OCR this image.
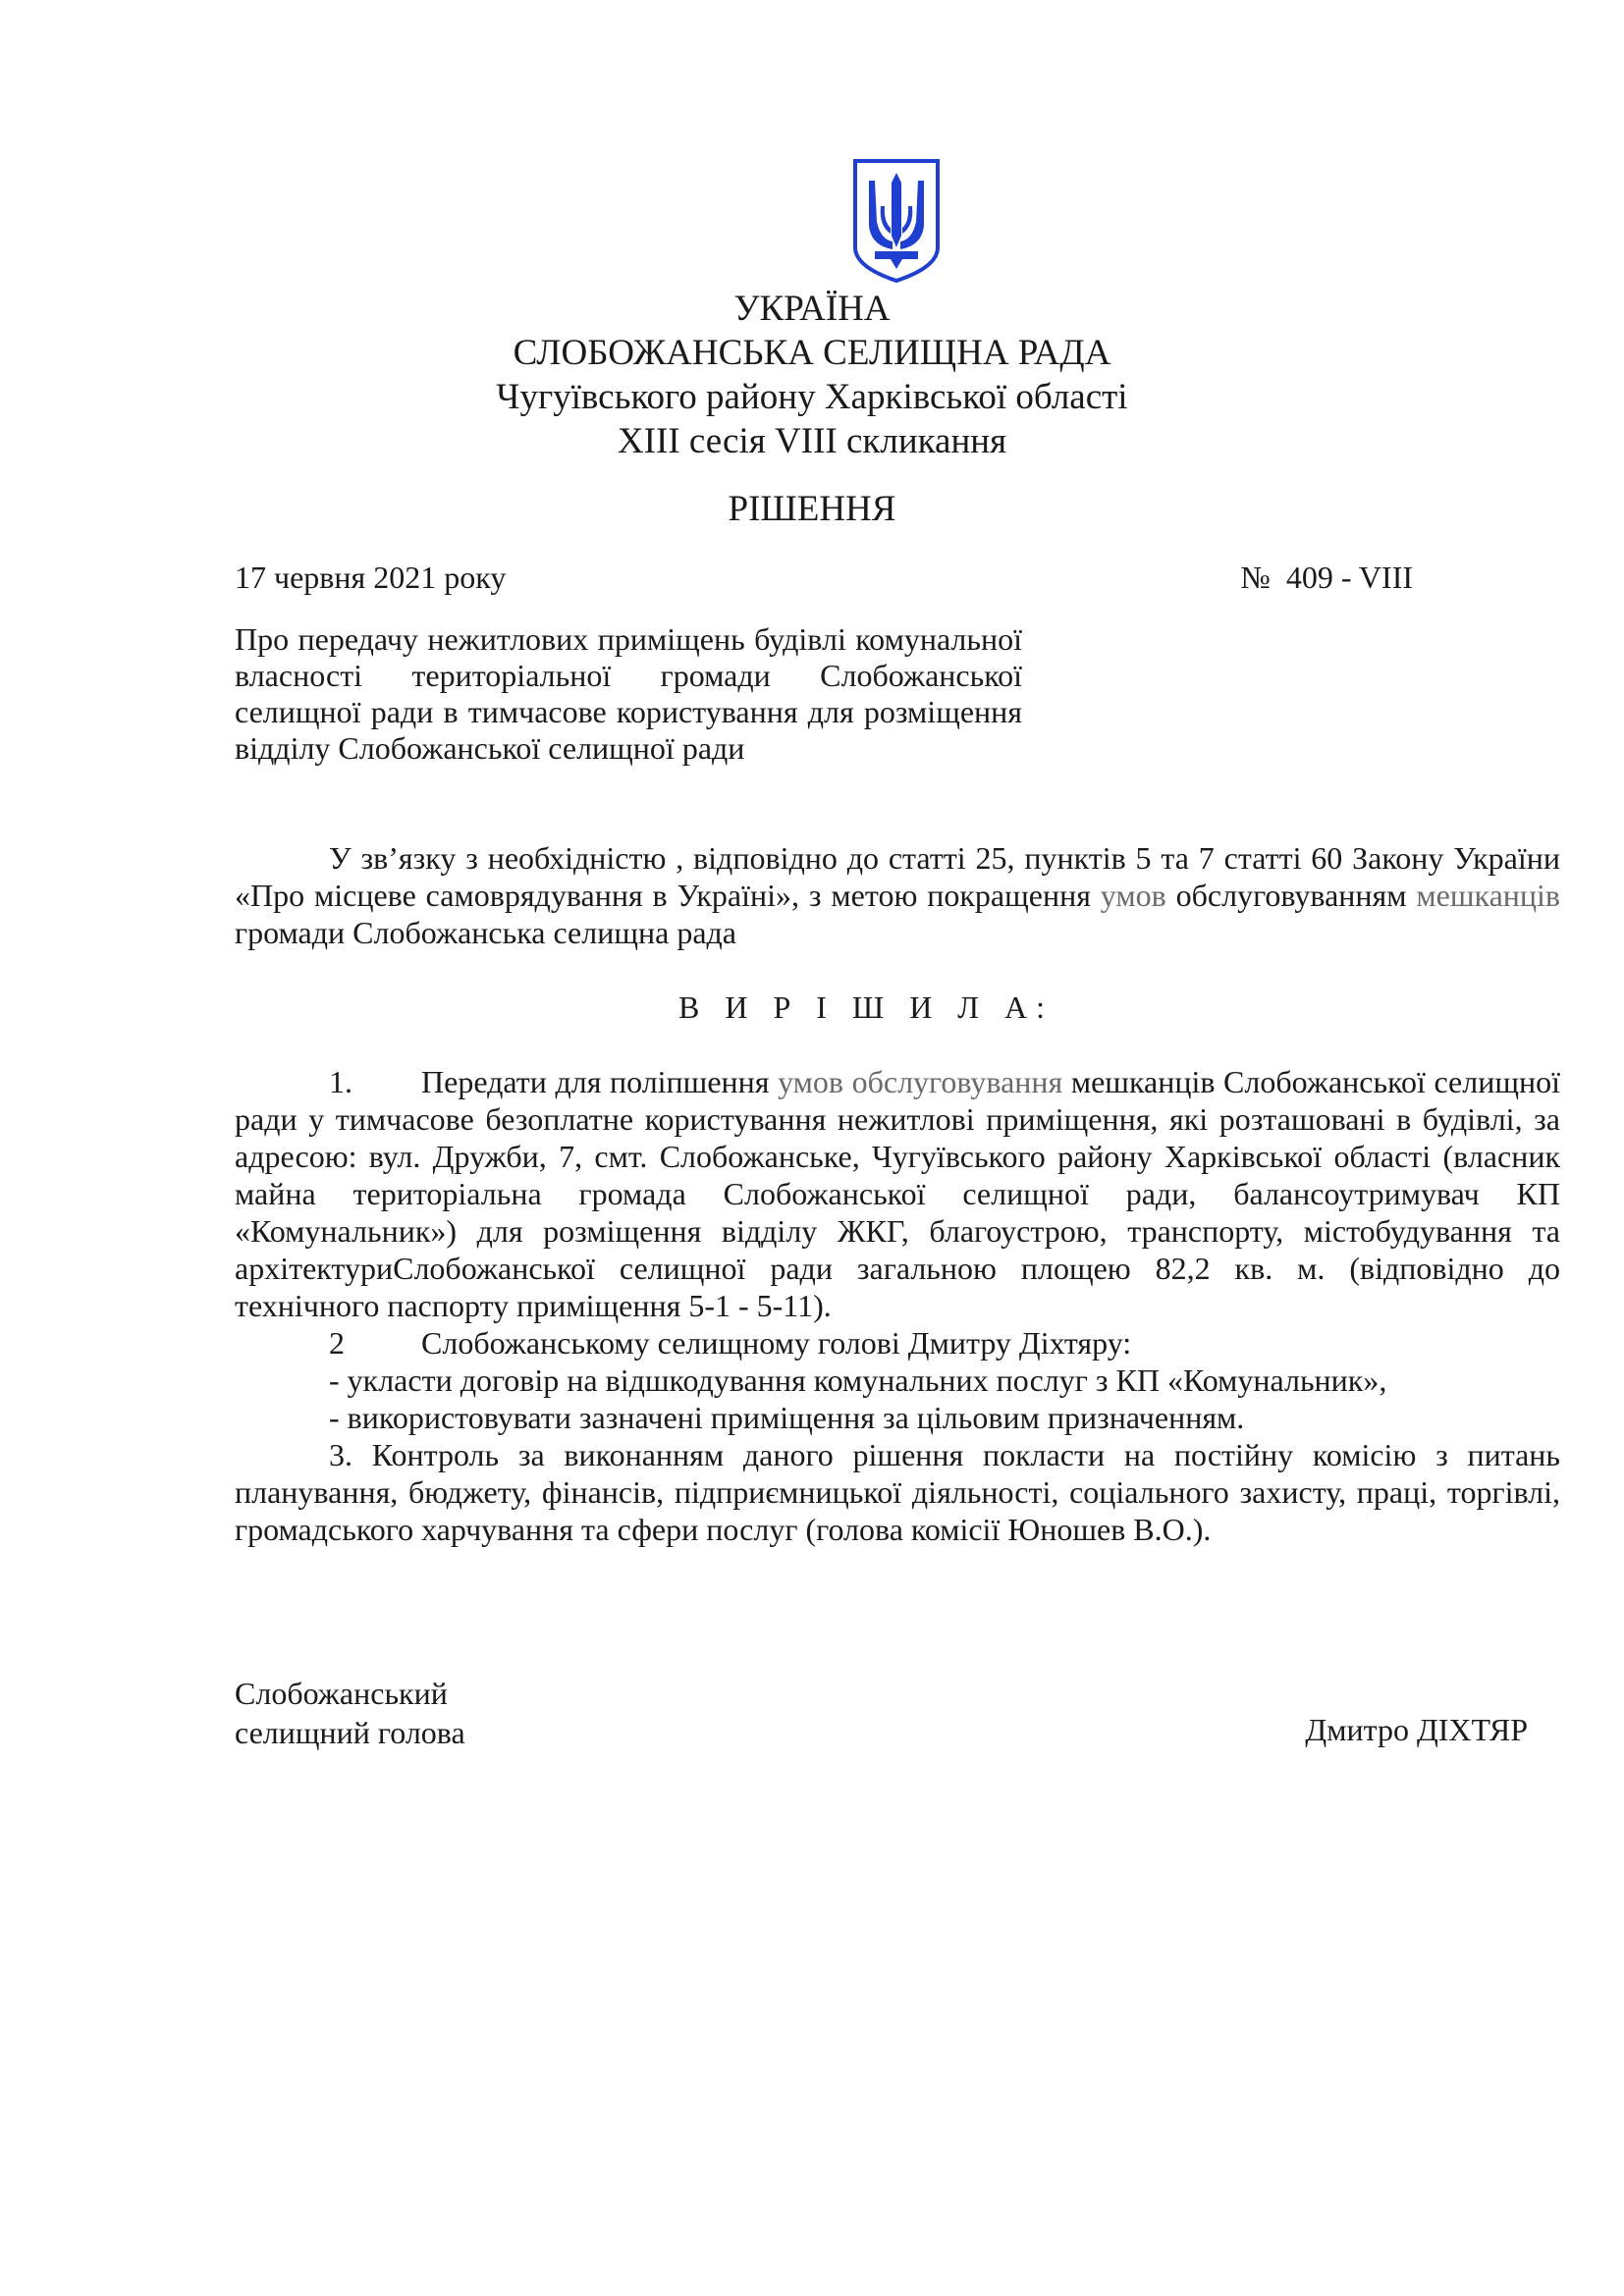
УКРАЇНА
СЛОБОЖАНСЬКА СЕЛИЩНА РАДА
Чугуївського району Харківської області
XIII сесія VIII скликання
РІШЕННЯ
17 червня 2021 року	№  409 - VIII
Про передачу нежитлових приміщень будівлі комунальної власності територіальної громади Слобожанської селищної ради в тимчасове користування для розміщення відділу Слобожанської селищної ради
У зв’язку з необхідністю , відповідно до статті 25, пунктів 5 та 7 статті 60 Закону України «Про місцеве самоврядування в Україні», з метою покращення умов обслуговуванням мешканців громади Слобожанська селищна рада
В И Р І Ш И Л А:
1. Передати для поліпшення умов обслуговування мешканців Слобожанської селищної ради у тимчасове безоплатне користування нежитлові приміщення, які розташовані в будівлі, за адресою: вул. Дружби, 7, смт. Слобожанське, Чугуївського району Харківської області (власник майна територіальна громада Слобожанської селищної ради, балансоутримувач КП «Комунальник») для розміщення відділу ЖКГ, благоустрою, транспорту, містобудування та архітектуриСлобожанської селищної ради загальною площею 82,2 кв. м. (відповідно до технічного паспорту приміщення 5-1 - 5-11).
2 Слобожанському селищному голові Дмитру Діхтяру:
- укласти договір на відшкодування комунальних послуг з КП «Комунальник»,
- використовувати зазначені приміщення за цільовим призначенням.
3. Контроль за виконанням даного рішення покласти на постійну комісію з питань планування, бюджету, фінансів, підприємницької діяльності, соціального захисту, праці, торгівлі, громадського харчування та сфери послуг (голова комісії Юношев В.О.).
Слобожанський
селищний голова	Дмитро ДІХТЯР
